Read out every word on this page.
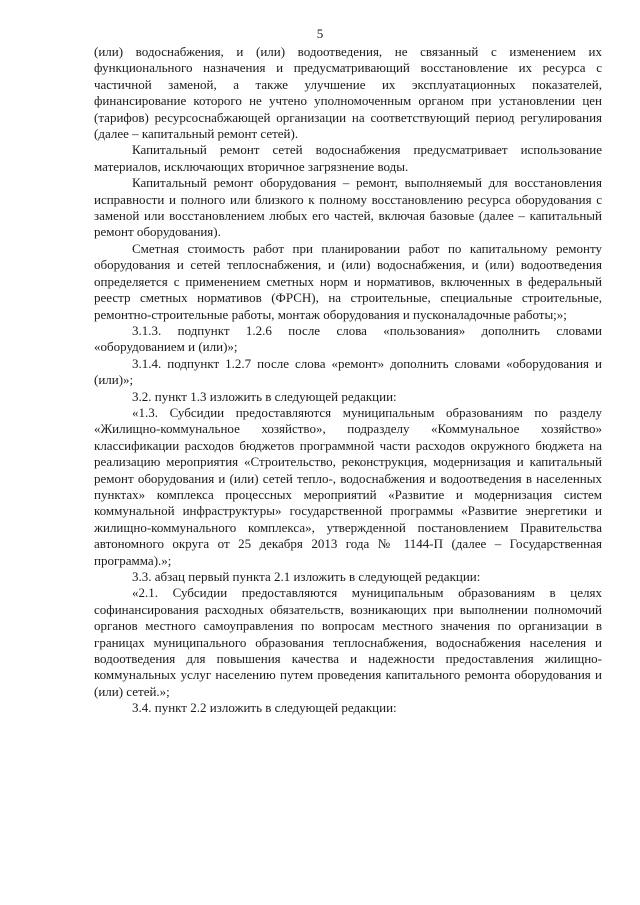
5

(или) водоснабжения, и (или) водоотведения, не связанный с изменением их функционального назначения и предусматривающий восстановление их ресурса с частичной заменой, а также улучшение их эксплуатационных показателей, финансирование которого не учтено уполномоченным органом при установлении цен (тарифов) ресурсоснабжающей организации на соответствующий период регулирования (далее – капитальный ремонт сетей).

Капитальный ремонт сетей водоснабжения предусматривает использование материалов, исключающих вторичное загрязнение воды.

Капитальный ремонт оборудования – ремонт, выполняемый для восстановления исправности и полного или близкого к полному восстановлению ресурса оборудования с заменой или восстановлением любых его частей, включая базовые (далее – капитальный ремонт оборудования).

Сметная стоимость работ при планировании работ по капитальному ремонту оборудования и сетей теплоснабжения, и (или) водоснабжения, и (или) водоотведения определяется с применением сметных норм и нормативов, включенных в федеральный реестр сметных нормативов (ФРСН), на строительные, специальные строительные, ремонтно-строительные работы, монтаж оборудования и пусконаладочные работы;»;

3.1.3. подпункт 1.2.6 после слова «пользования» дополнить словами «оборудованием и (или)»;

3.1.4. подпункт 1.2.7 после слова «ремонт» дополнить словами «оборудования и (или)»;

3.2. пункт 1.3 изложить в следующей редакции:

«1.3. Субсидии предоставляются муниципальным образованиям по разделу «Жилищно-коммунальное хозяйство», подразделу «Коммунальное хозяйство» классификации расходов бюджетов программной части расходов окружного бюджета на реализацию мероприятия «Строительство, реконструкция, модернизация и капитальный ремонт оборудования и (или) сетей тепло-, водоснабжения и водоотведения в населенных пунктах» комплекса процессных мероприятий «Развитие и модернизация систем коммунальной инфраструктуры» государственной программы «Развитие энергетики и жилищно-коммунального комплекса», утвержденной постановлением Правительства автономного округа от 25 декабря 2013 года № 1144-П (далее – Государственная программа).»;

3.3. абзац первый пункта 2.1 изложить в следующей редакции:

«2.1. Субсидии предоставляются муниципальным образованиям в целях софинансирования расходных обязательств, возникающих при выполнении полномочий органов местного самоуправления по вопросам местного значения по организации в границах муниципального образования теплоснабжения, водоснабжения населения и водоотведения для повышения качества и надежности предоставления жилищно-коммунальных услуг населению путем проведения капитального ремонта оборудования и (или) сетей.»;

3.4. пункт 2.2 изложить в следующей редакции:
